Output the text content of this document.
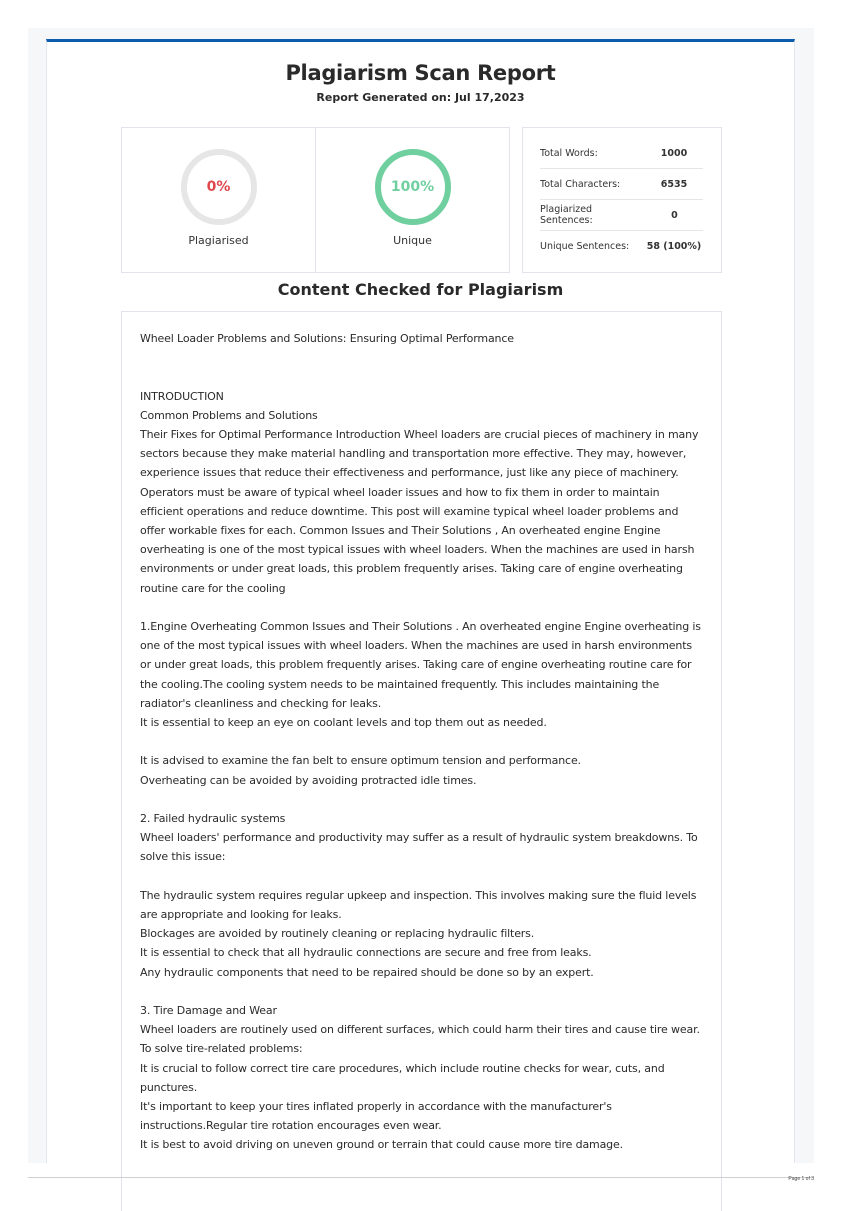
Plagiarism Scan Report
Report Generated on: Jul 17,2023
0%
Plagiarised
100%
Unique
Total Words:	1000
Total Characters:	6535
Plagiarized Sentences:	0
Unique Sentences: 58 (100%)
Content Checked for Plagiarism
Wheel Loader Problems and Solutions: Ensuring Optimal Performance
INTRODUCTION
Common Problems and Solutions
Their Fixes for Optimal Performance Introduction Wheel loaders are crucial pieces of machinery in many
sectors because they make material handling and transportation more effective. They may, however,
experience issues that reduce their effectiveness and performance, just like any piece of machinery.
Operators must be aware of typical wheel loader issues and how to fix them in order to maintain
efficient operations and reduce downtime. This post will examine typical wheel loader problems and
offer workable fixes for each. Common Issues and Their Solutions , An overheated engine Engine
overheating is one of the most typical issues with wheel loaders. When the machines are used in harsh
environments or under great loads, this problem frequently arises. Taking care of engine overheating
routine care for the cooling
1.Engine Overheating Common Issues and Their Solutions . An overheated engine Engine overheating is
one of the most typical issues with wheel loaders. When the machines are used in harsh environments
or under great loads, this problem frequently arises. Taking care of engine overheating routine care for
the cooling.The cooling system needs to be maintained frequently. This includes maintaining the
radiator's cleanliness and checking for leaks.
It is essential to keep an eye on coolant levels and top them out as needed.
It is advised to examine the fan belt to ensure optimum tension and performance.
Overheating can be avoided by avoiding protracted idle times.
2. Failed hydraulic systems
Wheel loaders' performance and productivity may suffer as a result of hydraulic system breakdowns. To
solve this issue:
The hydraulic system requires regular upkeep and inspection. This involves making sure the fluid levels
are appropriate and looking for leaks.
Blockages are avoided by routinely cleaning or replacing hydraulic filters.
It is essential to check that all hydraulic connections are secure and free from leaks.
Any hydraulic components that need to be repaired should be done so by an expert.
3. Tire Damage and Wear
Wheel loaders are routinely used on different surfaces, which could harm their tires and cause tire wear.
To solve tire-related problems:
It is crucial to follow correct tire care procedures, which include routine checks for wear, cuts, and
punctures.
It's important to keep your tires inflated properly in accordance with the manufacturer's
instructions.Regular tire rotation encourages even wear.
It is best to avoid driving on uneven ground or terrain that could cause more tire damage.
Page 1 of 3
